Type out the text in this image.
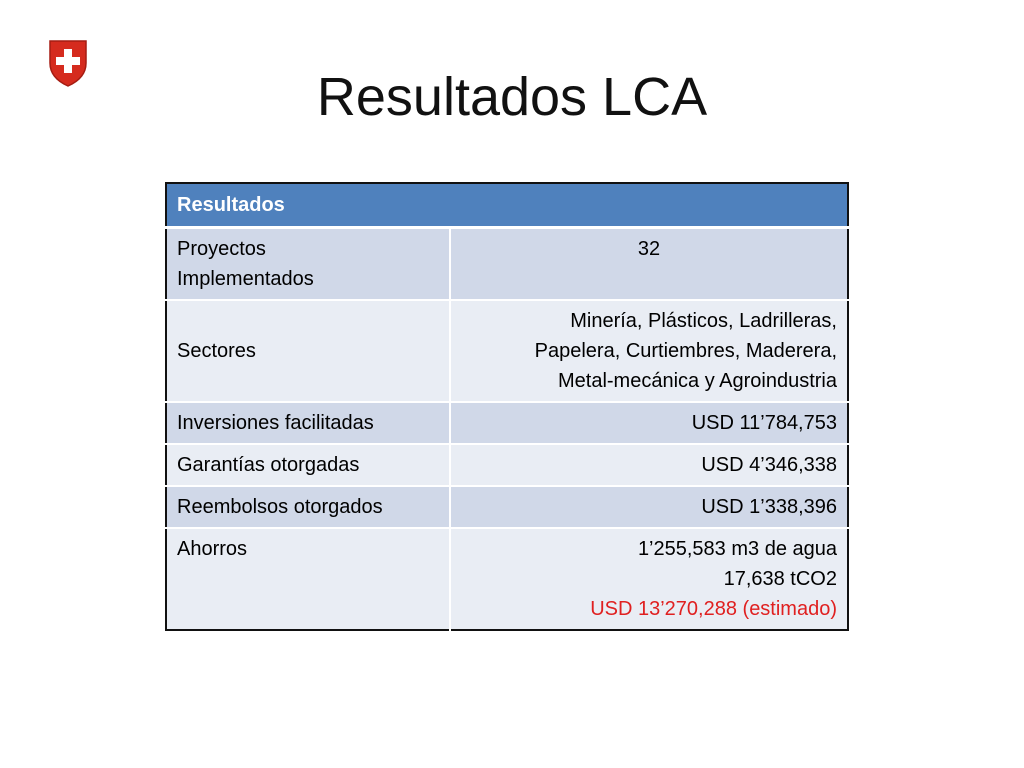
Resultados LCA
Resultados	

Proyectos
Implementados	32

Sectores	Minería, Plásticos, Ladrilleras,
Papelera, Curtiembres, Maderera,
Metal-mecánica y Agroindustria

Inversiones facilitadas	USD 11’784,753

Garantías otorgadas	USD 4’346,338

Reembolsos otorgados	USD 1’338,396

Ahorros	1’255,583 m3 de agua
17,638 tCO2
USD 13’270,288 (estimado)
